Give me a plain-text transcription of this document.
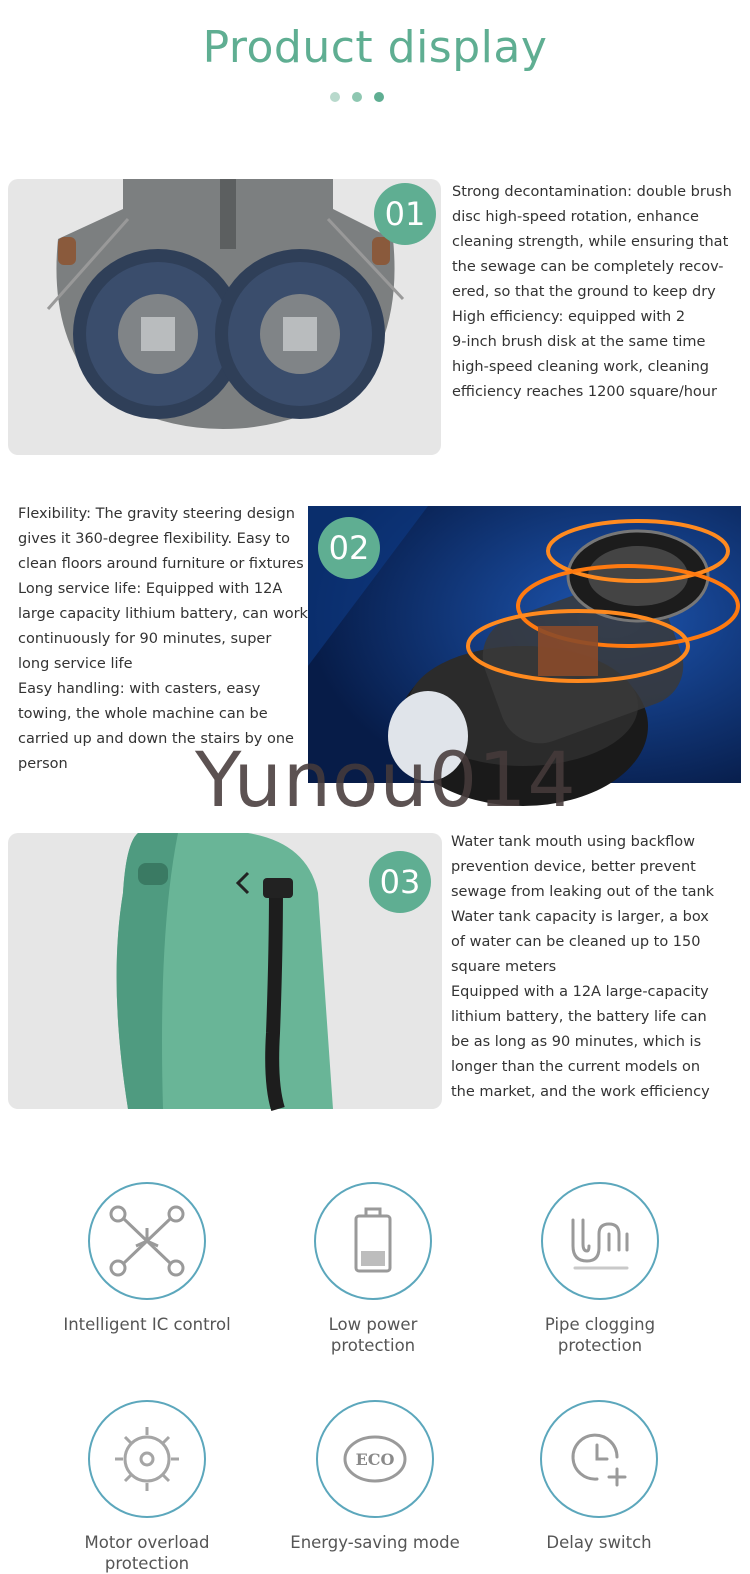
Product display
01

Strong decontamination: double brush

disc high-speed rotation, enhance

cleaning strength, while ensuring that

the sewage can be completely recov-

ered, so that the ground to keep dry

High efficiency: equipped with 2

9-inch brush disk at the same time

high-speed cleaning work, cleaning

efficiency reaches 1200 square/hour

Flexibility: The gravity steering design

gives it 360-degree flexibility. Easy to

clean floors around furniture or fixtures

Long service life: Equipped with 12A

large capacity lithium battery, can work

continuously for 90 minutes, super

long service life

Easy handling: with casters, easy

towing, the whole machine can be

carried up and down the stairs by one

person

02
03

Water tank mouth using backflow

prevention device, better prevent

sewage from leaking out of the tank

Water tank capacity is larger, a box

of water can be cleaned up to 150

square meters

Equipped with a 12A large-capacity

lithium battery, the battery life can

be as long as 90 minutes, which is

longer than the current models on

the market, and the work efficiency

Yunou014
Intelligent IC control	Low power
protection
Pipe clogging
protection
Motor overload
protection
ECO
Energy-saving mode	Delay switch
